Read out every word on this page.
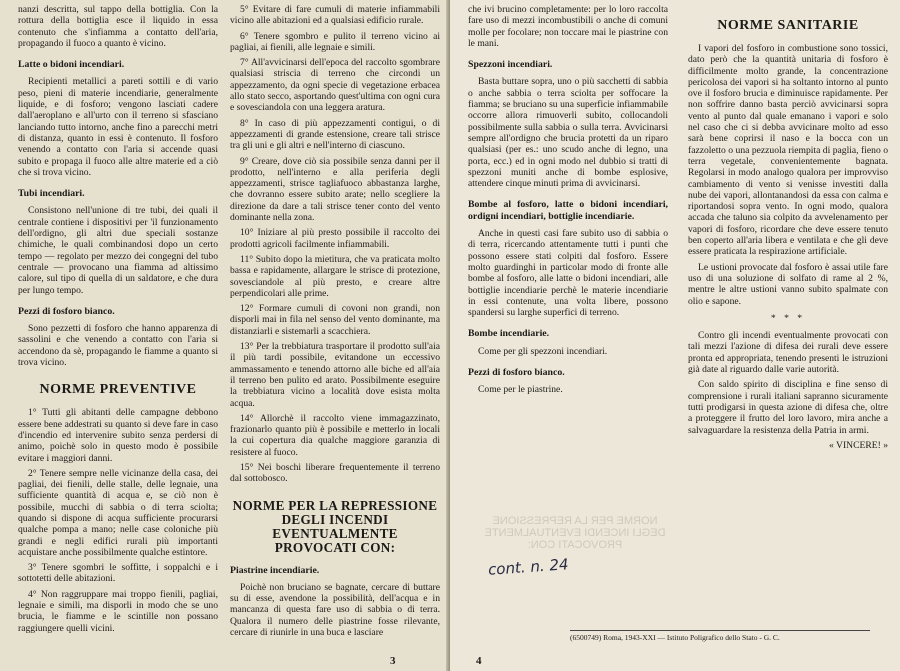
nanzi descritta, sul tappo della bottiglia. Con la rottura della bottiglia esce il liquido in essa contenuto che s'infiamma a contatto dell'aria, propagando il fuoco a quanto è vicino.

Latte o bidoni incendiari.

Recipienti metallici a pareti sottili e di vario peso, pieni di materie incendiarie, generalmente liquide, e di fosforo; vengono lasciati cadere dall'aeroplano e all'urto con il terreno si sfasciano lanciando tutto intorno, anche fino a parecchi metri di distanza, quanto in essi è contenuto. Il fosforo venendo a contatto con l'aria si accende quasi subito e propaga il fuoco alle altre materie ed a ciò che si trova vicino.

Tubi incendiari.

Consistono nell'unione di tre tubi, dei quali il centrale contiene i dispositivi per 'il funzionamento dell'ordigno, gli altri due speciali sostanze chimiche, le quali combinandosi dopo un certo tempo — regolato per mezzo dei congegni del tubo centrale — provocano una fiamma ad altissimo calore, sul tipo di quella di un saldatore, e che dura per lungo tempo.

Pezzi di fosforo bianco.

Sono pezzetti di fosforo che hanno apparenza di sassolini e che venendo a contatto con l'aria si accendono da sè, propagando le fiamme a quanto si trova vicino.

NORME PREVENTIVE

1° Tutti gli abitanti delle campagne debbono essere bene addestrati su quanto si deve fare in caso d'incendio ed intervenire subito senza perdersi di animo, poichè solo in questo modo è possibile evitare i maggiori danni.

2° Tenere sempre nelle vicinanze della casa, dei pagliai, dei fienili, delle stalle, delle legnaie, una sufficiente quantità di acqua e, se ciò non è possibile, mucchi di sabbia o di terra sciolta; quando si dispone di acqua sufficiente procurarsi qualche pompa a mano; nelle case coloniche più grandi e negli edifici rurali più importanti acquistare anche possibilmente qualche estintore.

3° Tenere sgombri le soffitte, i soppalchi e i sottotetti delle abitazioni.

4° Non raggruppare mai troppo fienili, pagliai, legnaie e simili, ma disporli in modo che se uno brucia, le fiamme e le scintille non possano raggiungere quelli vicini.

5° Evitare di fare cumuli di materie infiammabili vicino alle abitazioni ed a qualsiasi edificio rurale.

6° Tenere sgombro e pulito il terreno vicino ai pagliai, ai fienili, alle legnaie e simili.

7° All'avvicinarsi dell'epoca del raccolto sgombrare qualsiasi striscia di terreno che circondi un appezzamento, da ogni specie di vegetazione erbacea allo stato secco, asportando quest'ultima con ogni cura e sovesciandola con una leggera aratura.

8° In caso di più appezzamenti contigui, o di appezzamenti di grande estensione, creare tali strisce tra gli uni e gli altri e nell'interno di ciascuno.

9° Creare, dove ciò sia possibile senza danni per il prodotto, nell'interno e alla periferia degli appezzamenti, strisce tagliafuoco abbastanza larghe, che dovranno essere subito arate; nello scegliere la direzione da dare a tali strisce tener conto del vento dominante nella zona.

10° Iniziare al più presto possibile il raccolto dei prodotti agricoli facilmente infiammabili.

11° Subito dopo la mietitura, che va praticata molto bassa e rapidamente, allargare le strisce di protezione, sovesciandole al più presto, e creare altre perpendicolari alle prime.

12° Formare cumuli di covoni non grandi, non disporli mai in fila nel senso del vento dominante, ma distanziarli e sistemarli a scacchiera.

13° Per la trebbiatura trasportare il prodotto sull'aia il più tardi possibile, evitandone un eccessivo ammassamento e tenendo attorno alle biche ed all'aia il terreno ben pulito ed arato. Possibilmente eseguire la trebbiatura vicino a località dove esista molta acqua.

14° Allorchè il raccolto viene immagazzinato, frazionarlo quanto più è possibile e metterlo in locali la cui copertura dia qualche maggiore garanzia di resistere al fuoco.

15° Nei boschi liberare frequentemente il terreno dal sottobosco.

NORME PER LA REPRESSIONE DEGLI INCENDI EVENTUALMENTE PROVOCATI CON:
Piastrine incendiarie.

Poichè non bruciano se bagnate, cercare di buttare su di esse, avendone la possibilità, dell'acqua e in mancanza di questa fare uso di sabbia o di terra. Qualora il numero delle piastrine fosse rilevante, cercare di riunirle in una buca e lasciare

3

che ivi brucino completamente: per lo loro raccolta fare uso di mezzi incombustibili o anche di comuni molle per focolare; non toccare mai le piastrine con le mani.

Spezzoni incendiari.

Basta buttare sopra, uno o più sacchetti di sabbia o anche sabbia o terra sciolta per soffocare la fiamma; se bruciano su una superficie infiammabile occorre allora rimuoverli subito, collocandoli possibilmente sulla sabbia o sulla terra. Avvicinarsi sempre all'ordigno che brucia protetti da un riparo qualsiasi (per es.: uno scudo anche di legno, una porta, ecc.) ed in ogni modo nel dubbio si tratti di spezzoni muniti anche di bombe esplosive, attendere cinque minuti prima di avvicinarsi.

Bombe al fosforo, latte o bidoni incendiari, ordigni incendiari, bottiglie incendiarie.

Anche in questi casi fare subito uso di sabbia o di terra, ricercando attentamente tutti i punti che possono essere stati colpiti dal fosforo. Essere molto guardinghi in particolar modo di fronte alle bombe al fosforo, alle latte o bidoni incendiari, alle bottiglie incendiarie perchè le materie incendiarie in essi contenute, una volta libere, possono spandersi su larghe superfici di terreno.

Bombe incendiarie.

Come per gli spezzoni incendiari.

Pezzi di fosforo bianco.

Come per le piastrine.

NORME PER LA REPRESSIONE DEGLI INCENDI EVENTUALMENTE PROVOCATI CON:
cont. n. 24
4
NORME SANITARIE

I vapori del fosforo in combustione sono tossici, dato però che la quantità unitaria di fosforo è difficilmente molto grande, la concentrazione pericolosa dei vapori si ha soltanto intorno al punto ove il fosforo brucia e diminuisce rapidamente. Per non soffrire danno basta perciò avvicinarsi sopra vento al punto dal quale emanano i vapori e solo nel caso che ci si debba avvicinare molto ad esso sarà bene coprirsi il naso e la bocca con un fazzoletto o una pezzuola riempita di paglia, fieno o terra vegetale, convenientemente bagnata. Regolarsi in modo analogo qualora per improvviso cambiamento di vento si venisse investiti dalla nube dei vapori, allontanandosi da essa con calma e riportandosi sopra vento. In ogni modo, qualora accada che taluno sia colpito da avvelenamento per vapori di fosforo, ricordare che deve essere tenuto ben coperto all'aria libera e ventilata e che gli deve essere praticata la respirazione artificiale.

Le ustioni provocate dal fosforo è assai utile fare uso di una soluzione di solfato di rame al 2 %, mentre le altre ustioni vanno subito spalmate con olio e sapone.

* * *

Contro gli incendi eventualmente provocati con tali mezzi l'azione di difesa dei rurali deve essere pronta ed appropriata, tenendo presenti le istruzioni già date al riguardo dalle varie autorità.

Con saldo spirito di disciplina e fine senso di comprensione i rurali italiani sapranno sicuramente tutti prodigarsi in questa azione di difesa che, oltre a proteggere il frutto del loro lavoro, mira anche a salvaguardare la resistenza della Patria in armi.

« VINCERE! »

(6500749) Roma, 1943-XXI — Istituto Poligrafico dello Stato - G. C.
